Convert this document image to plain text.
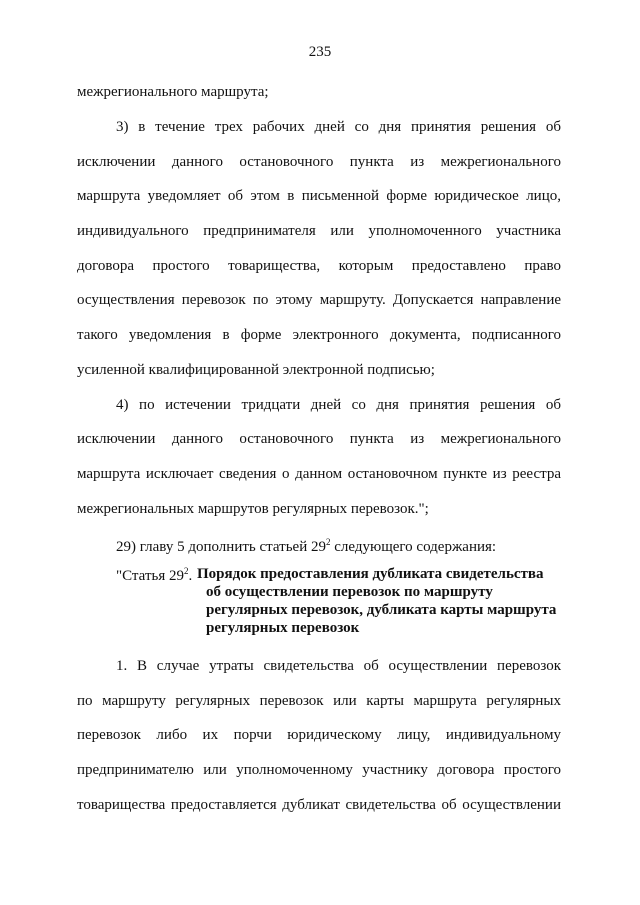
235
межрегионального маршрута;
3) в течение трех рабочих дней со дня принятия решения об
исключении данного остановочного пункта из межрегионального
маршрута уведомляет об этом в письменной форме юридическое лицо,
индивидуального предпринимателя или уполномоченного участника
договора простого товарищества, которым предоставлено право
осуществления перевозок по этому маршруту. Допускается направление
такого уведомления в форме электронного документа, подписанного
усиленной квалифицированной электронной подписью;
4) по истечении тридцати дней со дня принятия решения об
исключении данного остановочного пункта из межрегионального
маршрута исключает сведения о данном остановочном пункте из реестра
межрегиональных маршрутов регулярных перевозок.";
29) главу 5 дополнить статьей $29^2$ следующего содержания:
"Статья $29^2$. Порядок предоставления дубликата свидетельства
об осуществлении перевозок по маршруту
регулярных перевозок, дубликата карты маршрута
регулярных перевозок
1. В случае утраты свидетельства об осуществлении перевозок
по маршруту регулярных перевозок или карты маршрута регулярных
перевозок либо их порчи юридическому лицу, индивидуальному
предпринимателю или уполномоченному участнику договора простого
товарищества предоставляется дубликат свидетельства об осуществлении
